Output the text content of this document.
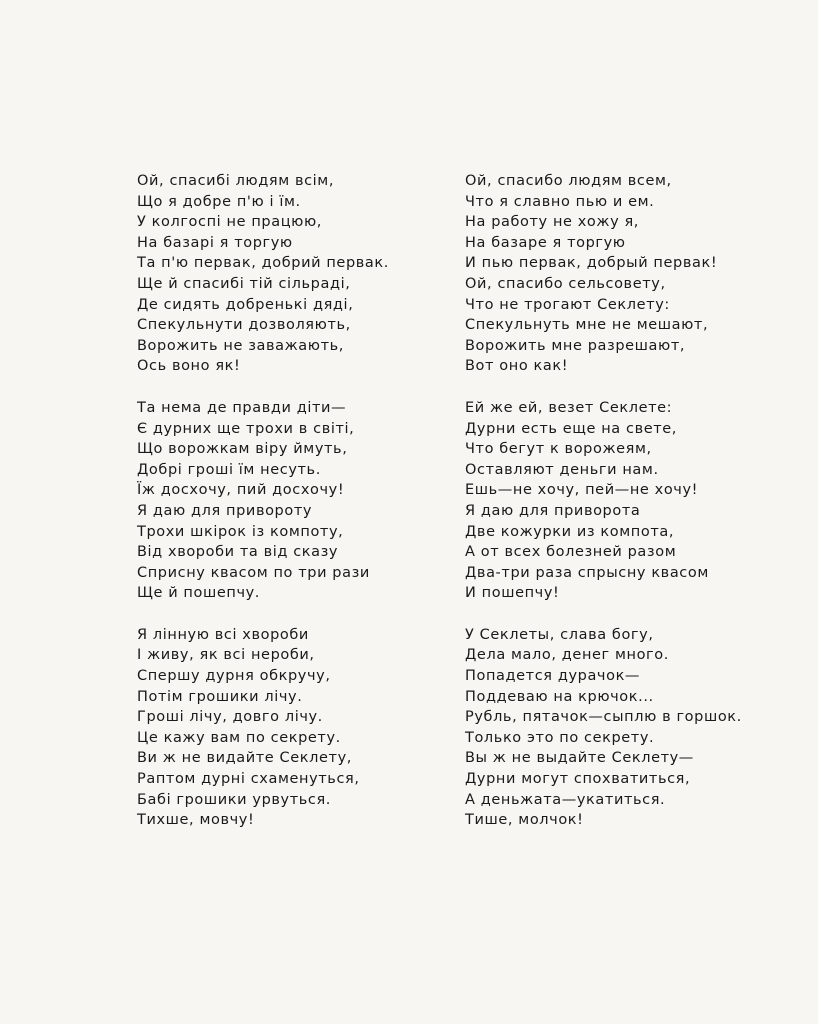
Ой, спасибі людям всім,
Що я добре п'ю і їм.
У колгоспі не працюю,
На базарі я торгую
Та п'ю первак, добрий первак.
Ще й спасибі тій сільраді,
Де сидять добренькі дяді,
Спекульнути дозволяють,
Ворожить не заважають,
Ось воно як!
Та нема де правди діти—
Є дурних ще трохи в світі,
Що ворожкам віру ймуть,
Добрі гроші їм несуть.
Їж досхочу, пий досхочу!
Я даю для привороту
Трохи шкірок із компоту,
Від хвороби та від сказу
Сприсну квасом по три рази
Ще й пошепчу.
Я лінную всі хвороби
І живу, як всі нероби,
Спершу дурня обкручу,
Потім грошики лічу.
Гроші лічу, довго лічу.
Це кажу вам по секрету.
Ви ж не видайте Секлету,
Раптом дурні схаменуться,
Бабі грошики урвуться.
Тихше, мовчу!
Ой, спасибо людям всем,
Что я славно пью и ем.
На работу не хожу я,
На базаре я торгую
И пью первак, добрый первак!
Ой, спасибо сельсовету,
Что не трогают Секлету:
Спекульнуть мне не мешают,
Ворожить мне разрешают,
Вот оно как!
Ей же ей, везет Секлете:
Дурни есть еще на свете,
Что бегут к ворожеям,
Оставляют деньги нам.
Ешь—не хочу, пей—не хочу!
Я даю для приворота
Две кожурки из компота,
А от всех болезней разом
Два-три раза спрысну квасом
И пошепчу!
У Секлеты, слава богу,
Дела мало, денег много.
Попадется дурачок—
Поддеваю на крючок...
Рубль, пятачок—сыплю в горшок.
Только это по секрету.
Вы ж не выдайте Секлету—
Дурни могут спохватиться,
А деньжата—укатиться.
Тише, молчок!
